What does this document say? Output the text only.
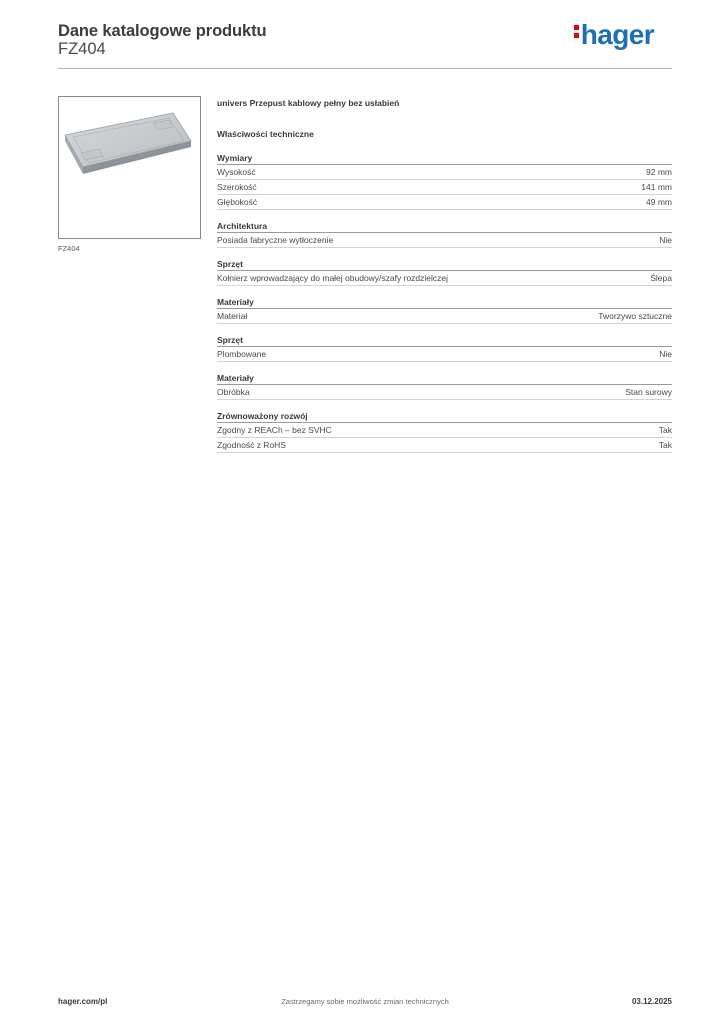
Dane katalogowe produktu
FZ404	hager
FZ404
univers Przepust kablowy pełny bez usłabień
Właściwości techniczne
Wymiary
Wysokość	92 mm
Szerokość	141 mm
Głębokość	49 mm
Architektura
Posiada fabryczne wytłoczenie	Nie
Sprzęt
Kołnierz wprowadzający do małej obudowy/szafy rozdzielczej	Ślepa
Materiały
Materiał	Tworzywo sztuczne
Sprzęt
Plombowane	Nie
Materiały
Obróbka	Stan surowy
Zrównoważony rozwój
Zgodny z REACh – bez SVHC	Tak
Zgodność z RoHS	Tak
hager.com/pl	Zastrzegamy sobie możliwość zmian technicznych	03.12.2025
